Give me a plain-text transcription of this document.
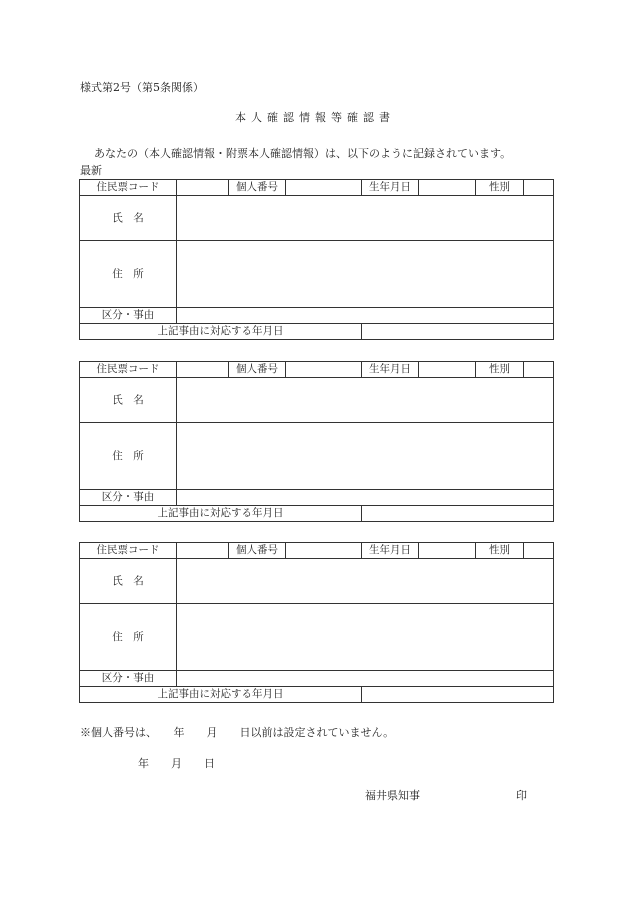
様式第2号（第5条関係）
本人確認情報等確認書
あなたの（本人確認情報・附票本人確認情報）は、以下のように記録されています。
最新
住民票コード		個人番号		生年月日		性別	
氏　名							
住　所							
区分・事由							
上記事由に対応する年月日							
住民票コード		個人番号		生年月日		性別	
氏　名							
住　所							
区分・事由							
上記事由に対応する年月日							
住民票コード		個人番号		生年月日		性別	
氏　名							
住　所							
区分・事由							
上記事由に対応する年月日							
※個人番号は、　　年　　月　　日以前は設定されていません。
年　　月　　日
福井県知事	印
